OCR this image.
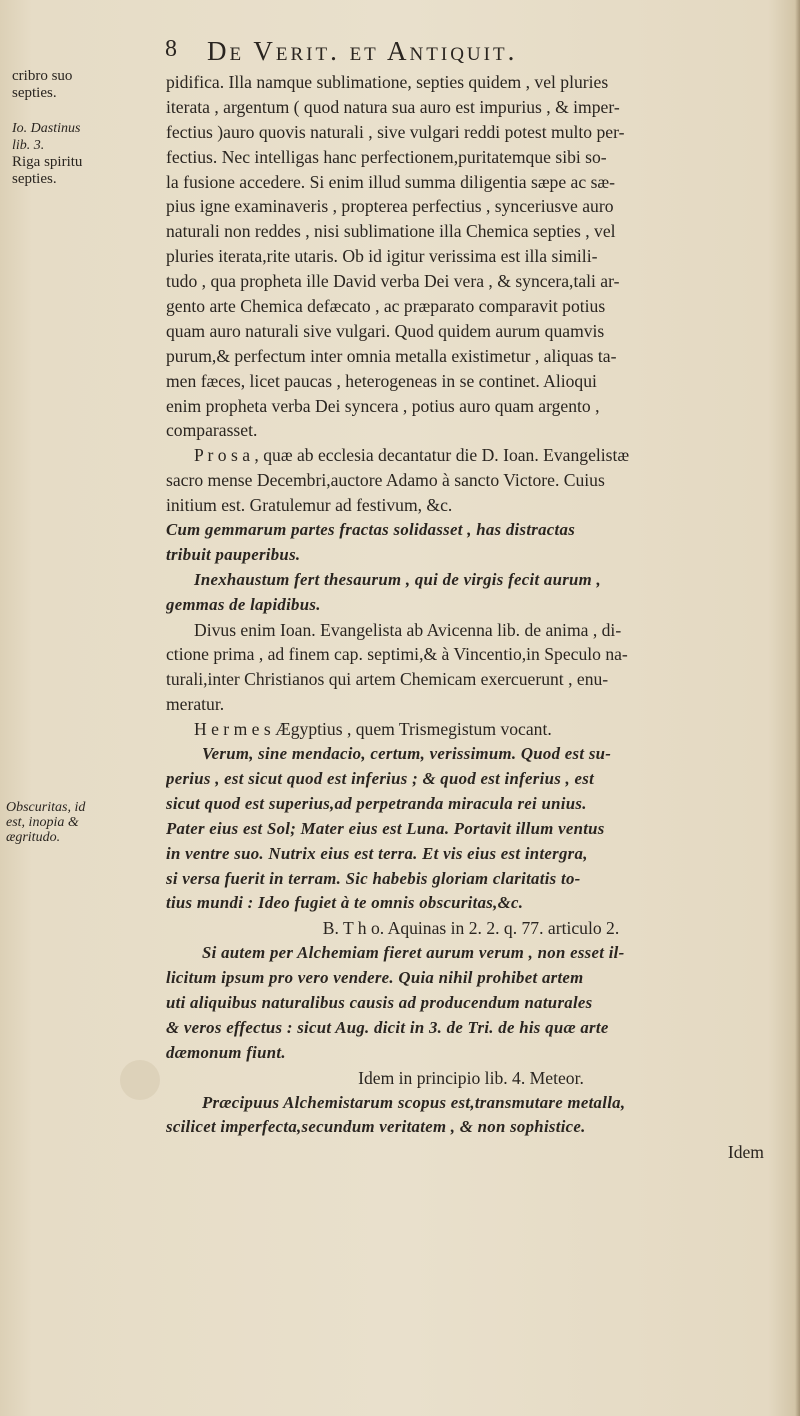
8 De Verit. et Antiquit.
cribro suo
septies.
Io. Dastinus
lib. 3.
Riga spiritu
septies.
Obscuritas, id
est, inopia &
ægritudo.
pidifica. Illa namque sublimatione, septies quidem , vel pluries
iterata , argentum ( quod natura sua auro est impurius , & imper-
fectius )auro quovis naturali , sive vulgari reddi potest multo per-
fectius. Nec intelligas hanc perfectionem,puritatemque sibi so-
la fusione accedere. Si enim illud summa diligentia sæpe ac sæ-
pius igne examinaveris , propterea perfectius , synceriusve auro
naturali non reddes , nisi sublimatione illa Chemica septies , vel
pluries iterata,rite utaris. Ob id igitur verissima est illa simili-
tudo , qua propheta ille David verba Dei vera , & syncera,tali ar-
gento arte Chemica defæcato , ac præparato comparavit potius
quam auro naturali sive vulgari. Quod quidem aurum quamvis
purum,& perfectum inter omnia metalla existimetur , aliquas ta-
men fæces, licet paucas , heterogeneas in se continet. Alioqui
enim propheta verba Dei syncera , potius auro quam argento ,
comparasset.
P r o s a , quæ ab ecclesia decantatur die D. Ioan. Evangelistæ
sacro mense Decembri,auctore Adamo à sancto Victore. Cuius
initium est. Gratulemur ad festivum, &c.
Cum gemmarum partes fractas solidasset , has distractas
tribuit pauperibus.
Inexhaustum fert thesaurum , qui de virgis fecit aurum ,
gemmas de lapidibus.
Divus enim Ioan. Evangelista ab Avicenna lib. de anima , di-
ctione prima , ad finem cap. septimi,& à Vincentio,in Speculo na-
turali,inter Christianos qui artem Chemicam exercuerunt , enu-
meratur.
H e r m e s Ægyptius , quem Trismegistum vocant.
Verum, sine mendacio, certum, verissimum. Quod est su-
perius , est sicut quod est inferius ; & quod est inferius , est
sicut quod est superius,ad perpetranda miracula rei unius.
Pater eius est Sol; Mater eius est Luna. Portavit illum ventus
in ventre suo. Nutrix eius est terra. Et vis eius est intergra,
si versa fuerit in terram. Sic habebis gloriam claritatis to-
tius mundi : Ideo fugiet à te omnis obscuritas,&c.
B. T h o. Aquinas in 2. 2. q. 77. articulo 2.
Si autem per Alchemiam fieret aurum verum , non esset il-
licitum ipsum pro vero vendere. Quia nihil prohibet artem
uti aliquibus naturalibus causis ad producendum naturales
& veros effectus : sicut Aug. dicit in 3. de Tri. de his quæ arte
dæmonum fiunt.
Idem in principio lib. 4. Meteor.
Præcipuus Alchemistarum scopus est,transmutare metalla,
scilicet imperfecta,secundum veritatem , & non sophistice.
Idem
